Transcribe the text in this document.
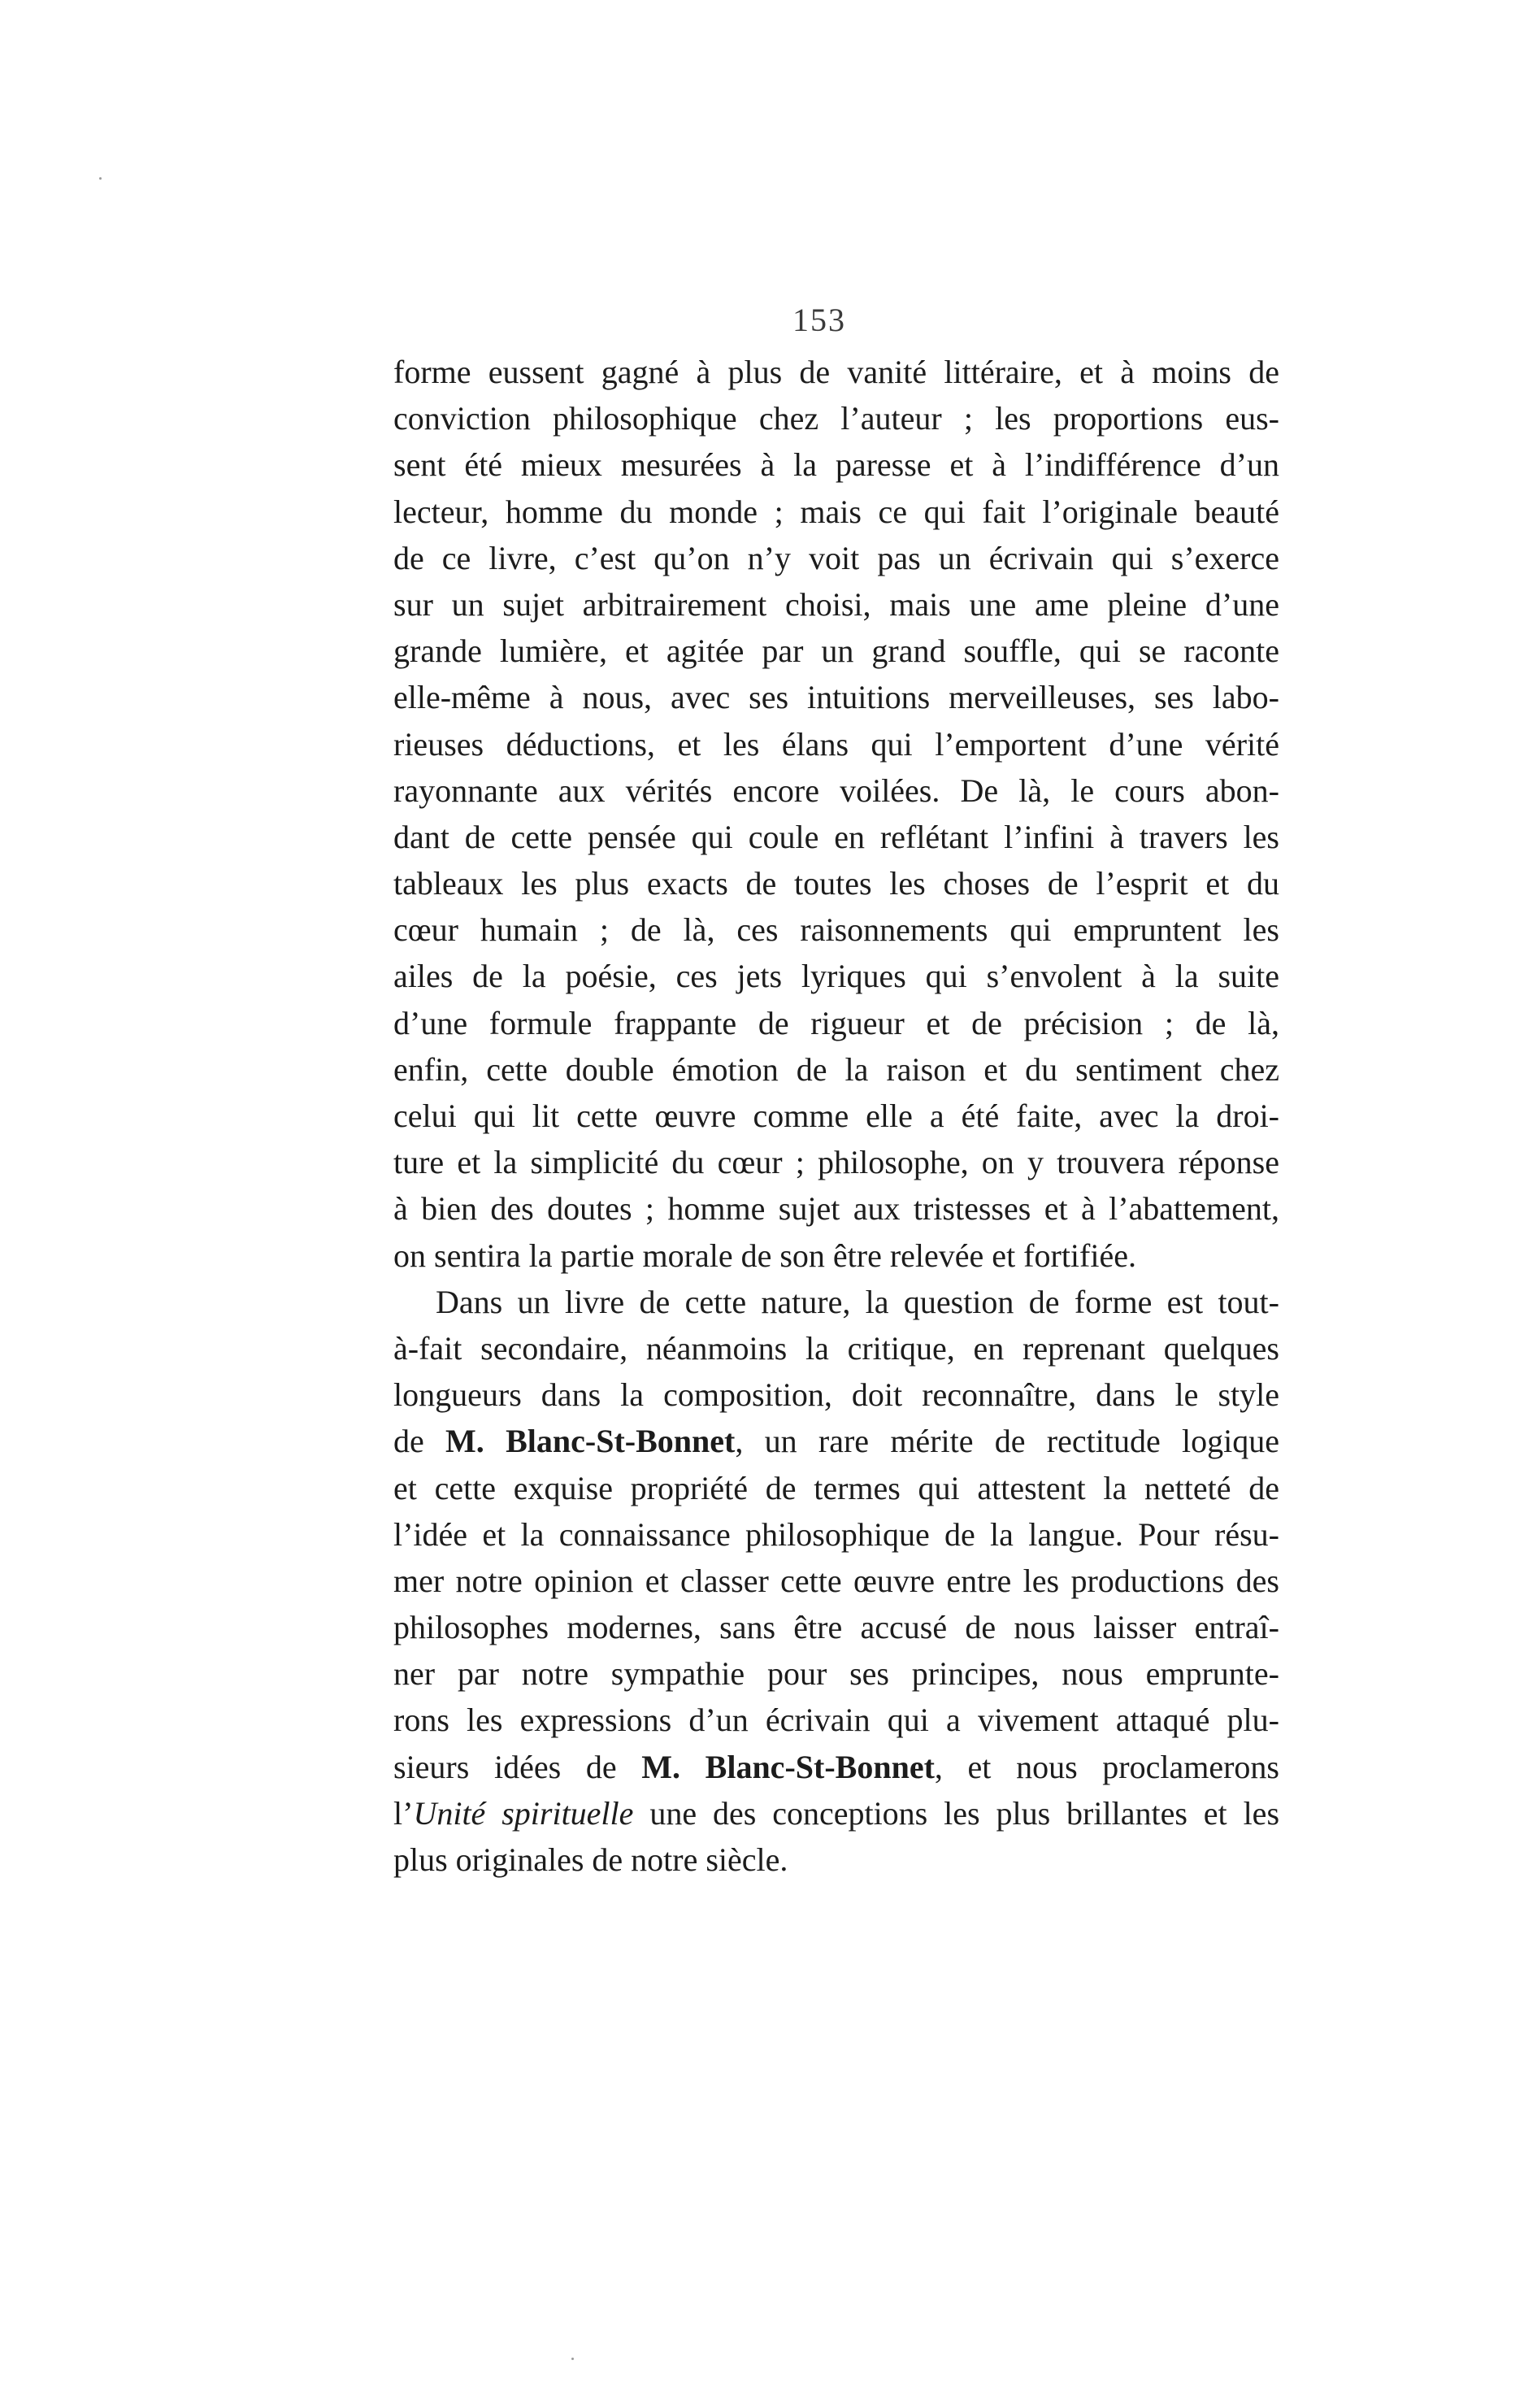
153
forme eussent gagné à plus de vanité littéraire, et à moins de
conviction philosophique chez l’auteur ; les proportions eus-
sent été mieux mesurées à la paresse et à l’indifférence d’un
lecteur, homme du monde ; mais ce qui fait l’originale beauté
de ce livre, c’est qu’on n’y voit pas un écrivain qui s’exerce
sur un sujet arbitrairement choisi, mais une ame pleine d’une
grande lumière, et agitée par un grand souffle, qui se raconte
elle-même à nous, avec ses intuitions merveilleuses, ses labo-
rieuses déductions, et les élans qui l’emportent d’une vérité
rayonnante aux vérités encore voilées. De là, le cours abon-
dant de cette pensée qui coule en reflétant l’infini à travers les
tableaux les plus exacts de toutes les choses de l’esprit et du
cœur humain ; de là, ces raisonnements qui empruntent les
ailes de la poésie, ces jets lyriques qui s’envolent à la suite
d’une formule frappante de rigueur et de précision ; de là,
enfin, cette double émotion de la raison et du sentiment chez
celui qui lit cette œuvre comme elle a été faite, avec la droi-
ture et la simplicité du cœur ; philosophe, on y trouvera réponse
à bien des doutes ; homme sujet aux tristesses et à l’abattement,
on sentira la partie morale de son être relevée et fortifiée.
Dans un livre de cette nature, la question de forme est tout-
à-fait secondaire, néanmoins la critique, en reprenant quelques
longueurs dans la composition, doit reconnaître, dans le style
de M. Blanc-St-Bonnet, un rare mérite de rectitude logique
et cette exquise propriété de termes qui attestent la netteté de
l’idée et la connaissance philosophique de la langue. Pour résu-
mer notre opinion et classer cette œuvre entre les productions des
philosophes modernes, sans être accusé de nous laisser entraî-
ner par notre sympathie pour ses principes, nous emprunte-
rons les expressions d’un écrivain qui a vivement attaqué plu-
sieurs idées de M. Blanc-St-Bonnet, et nous proclamerons
l’Unité spirituelle une des conceptions les plus brillantes et les
plus originales de notre siècle.
